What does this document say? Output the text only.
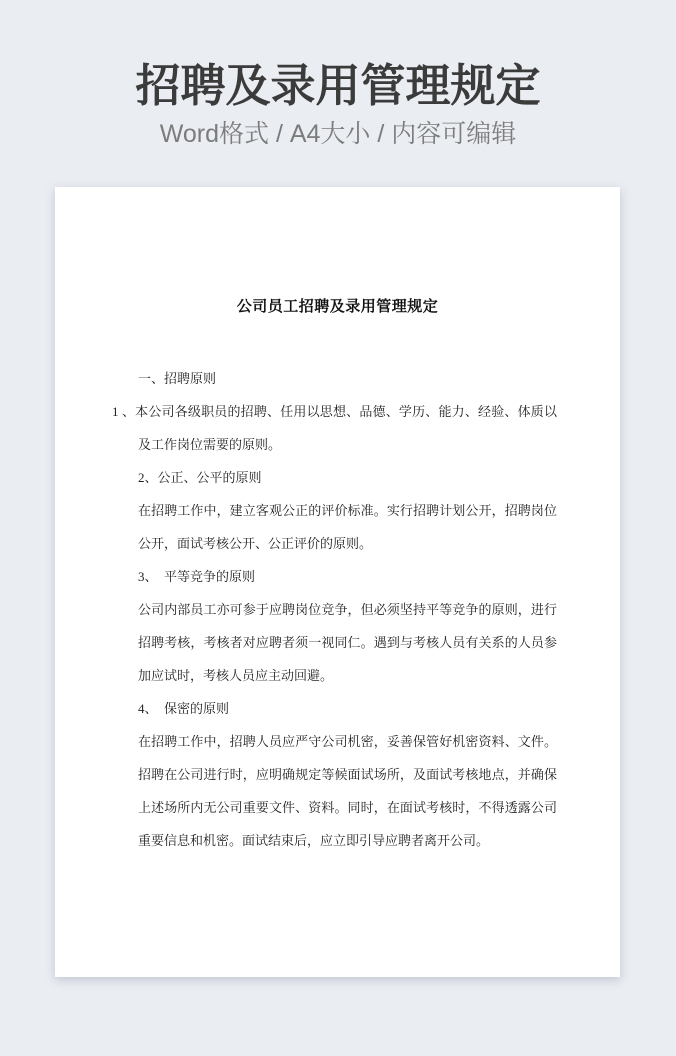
招聘及录用管理规定
Word格式 / A4大小 / 内容可编辑
公司员工招聘及录用管理规定

一、招聘原则

1 、本公司各级职员的招聘、任用以思想、品德、学历、能力、经验、体质以及工作岗位需要的原则。

2、公正、公平的原则

在招聘工作中，建立客观公正的评价标准。实行招聘计划公开，招聘岗位公开，面试考核公开、公正评价的原则。

3、　平等竞争的原则

公司内部员工亦可参于应聘岗位竞争，但必须坚持平等竞争的原则，进行招聘考核，考核者对应聘者须一视同仁。遇到与考核人员有关系的人员参加应试时，考核人员应主动回避。

4、　保密的原则

在招聘工作中，招聘人员应严守公司机密，妥善保管好机密资料、文件。招聘在公司进行时，应明确规定等候面试场所，及面试考核地点，并确保上述场所内无公司重要文件、资料。同时，在面试考核时，不得透露公司重要信息和机密。面试结束后，应立即引导应聘者离开公司。
